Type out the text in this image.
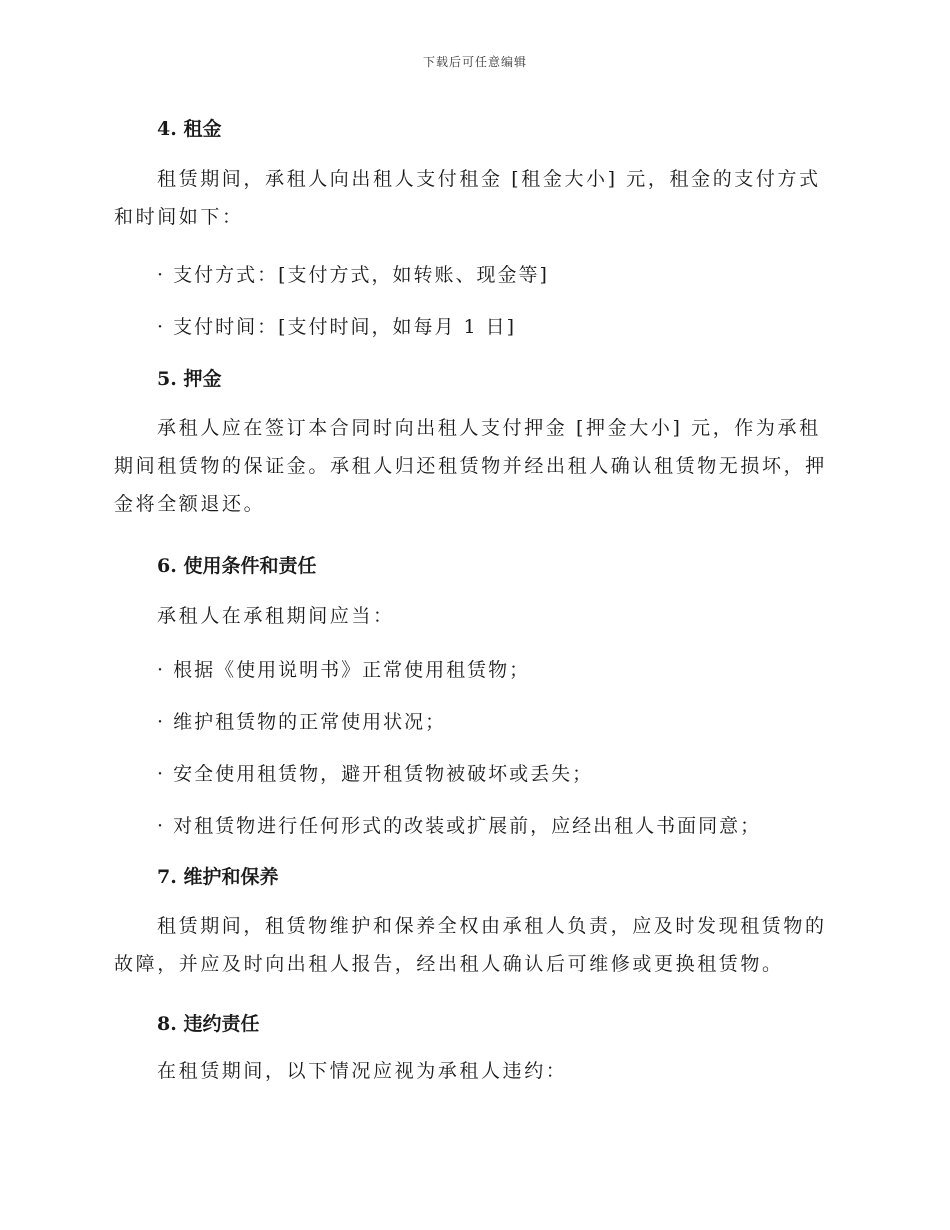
下载后可任意编辑
4. 租金
租赁期间，承租人向出租人支付租金 [租金大小] 元，租金的支付方式和时间如下：
· 支付方式：[支付方式，如转账、现金等]
· 支付时间：[支付时间，如每月 1 日]
5. 押金
承租人应在签订本合同时向出租人支付押金 [押金大小] 元，作为承租期间租赁物的保证金。承租人归还租赁物并经出租人确认租赁物无损坏，押金将全额退还。
6. 使用条件和责任
承租人在承租期间应当：
· 根据《使用说明书》正常使用租赁物；
· 维护租赁物的正常使用状况；
· 安全使用租赁物，避开租赁物被破坏或丢失；
· 对租赁物进行任何形式的改装或扩展前，应经出租人书面同意；
7. 维护和保养
租赁期间，租赁物维护和保养全权由承租人负责，应及时发现租赁物的故障，并应及时向出租人报告，经出租人确认后可维修或更换租赁物。
8. 违约责任
在租赁期间，以下情况应视为承租人违约：
